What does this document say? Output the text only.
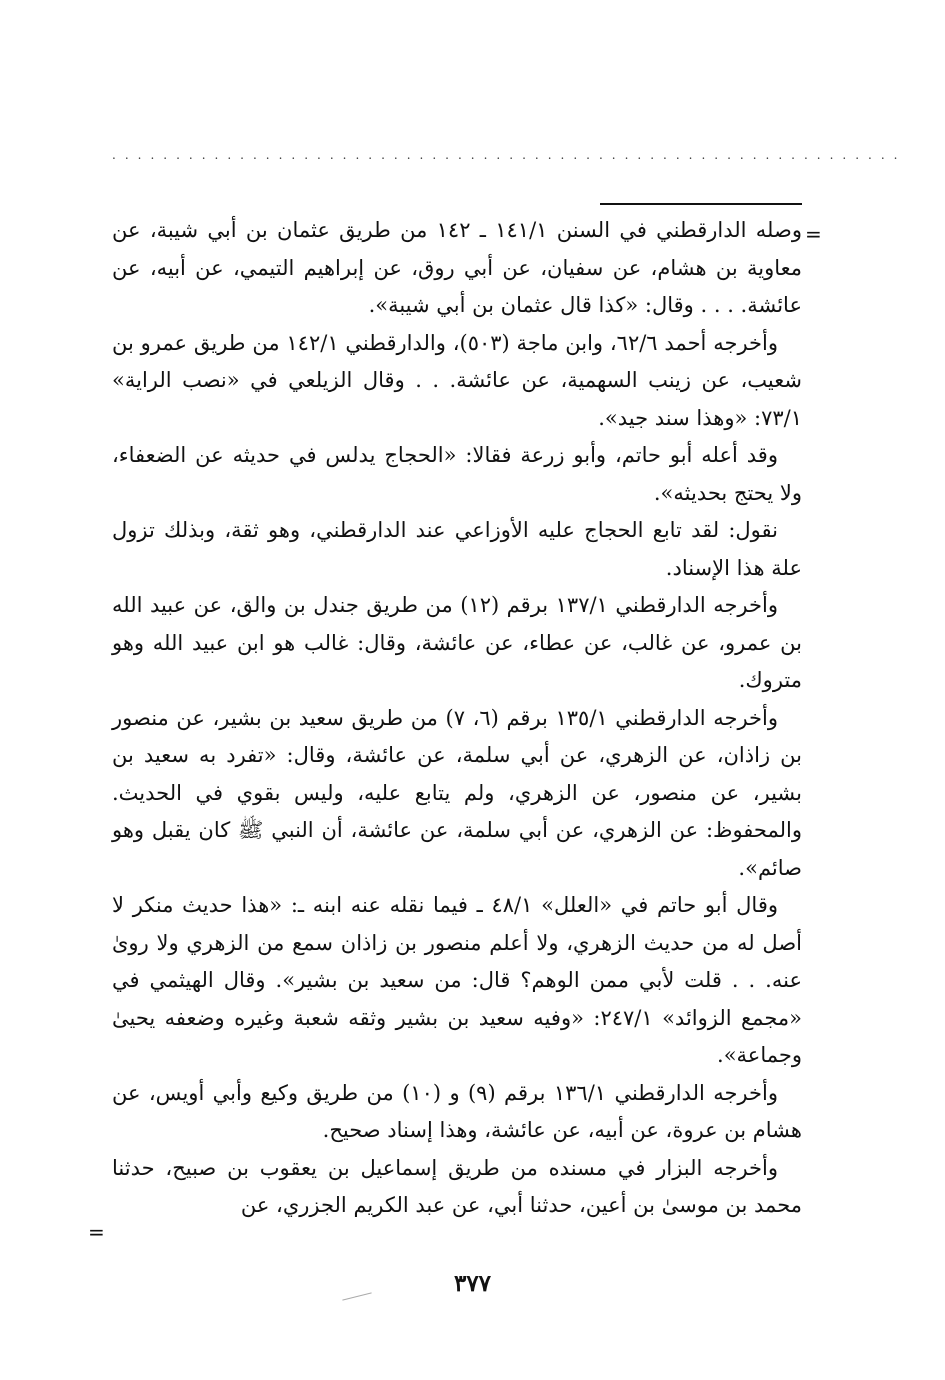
..............................................................
=

وصله الدارقطني في السنن ١٤١/١ ـ ١٤٢ من طريق عثمان بن أبي شيبة، عن معاوية بن هشام، عن سفيان، عن أبي روق، عن إبراهيم التيمي، عن أبيه، عن عائشة. . . . وقال: «كذا قال عثمان بن أبي شيبة».

وأخرجه أحمد ٦٢/٦، وابن ماجة (٥٠٣)، والدارقطني ١٤٢/١ من طريق عمرو بن شعيب، عن زينب السهمية، عن عائشة. . . وقال الزيلعي في «نصب الراية» ٧٣/١: «وهذا سند جيد».

وقد أعله أبو حاتم، وأبو زرعة فقالا: «الحجاج يدلس في حديثه عن الضعفاء، ولا يحتج بحديثه».

نقول: لقد تابع الحجاج عليه الأوزاعي عند الدارقطني، وهو ثقة، وبذلك تزول علة هذا الإسناد.

وأخرجه الدارقطني ١٣٧/١ برقم (١٢) من طريق جندل بن والق، عن عبيد الله بن عمرو، عن غالب، عن عطاء، عن عائشة، وقال: غالب هو ابن عبيد الله وهو متروك.

وأخرجه الدارقطني ١٣٥/١ برقم (٦، ٧) من طريق سعيد بن بشير، عن منصور بن زاذان، عن الزهري، عن أبي سلمة، عن عائشة، وقال: «تفرد به سعيد بن بشير، عن منصور، عن الزهري، ولم يتابع عليه، وليس بقوي في الحديث. والمحفوظ: عن الزهري، عن أبي سلمة، عن عائشة، أن النبي ﷺ كان يقبل وهو صائم».

وقال أبو حاتم في «العلل» ٤٨/١ ـ فيما نقله عنه ابنه ـ: «هذا حديث منكر لا أصل له من حديث الزهري، ولا أعلم منصور بن زاذان سمع من الزهري ولا روىٰ عنه. . . قلت لأبي ممن الوهم؟ قال: من سعيد بن بشير». وقال الهيثمي في «مجمع الزوائد» ٢٤٧/١: «وفيه سعيد بن بشير وثقه شعبة وغيره وضعفه يحيىٰ وجماعة».

وأخرجه الدارقطني ١٣٦/١ برقم (٩) و (١٠) من طريق وكيع وأبي أويس، عن هشام بن عروة، عن أبيه، عن عائشة، وهذا إسناد صحيح.

وأخرجه البزار في مسنده من طريق إسماعيل بن يعقوب بن صبيح، حدثنا محمد بن موسىٰ بن أعين، حدثنا أبي، عن عبد الكريم الجزري، عن

=
٣٧٧
